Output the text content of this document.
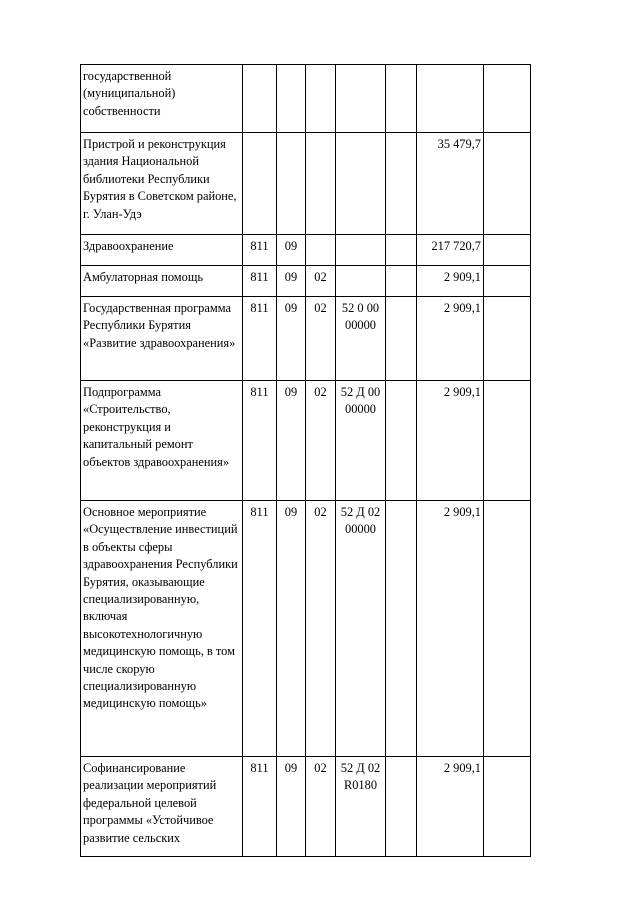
государственной (муниципальной) собственности							
Пристрой и реконструкция здания Национальной библиотеки Республики Бурятия в Советском районе, г. Улан-Удэ						35 479,7	
Здравоохранение	811	09				217 720,7	
Амбулаторная помощь	811	09	02			2 909,1	
Государственная программа Республики Бурятия «Развитие здравоохранения»	811	09	02	52 0 00 00000		2 909,1	
Подпрограмма «Строительство, реконструкция и капитальный ремонт объектов здравоохранения»	811	09	02	52 Д 00 00000		2 909,1	
Основное мероприятие «Осуществление инвестиций в объекты сферы здравоохранения Республики Бурятия, оказывающие специализированную, включая высокотехнологичную медицинскую помощь, в том числе скорую специализированную медицинскую помощь»	811	09	02	52 Д 02 00000		2 909,1	
Софинансирование реализации мероприятий федеральной целевой программы «Устойчивое развитие сельских	811	09	02	52 Д 02 R0180		2 909,1	
